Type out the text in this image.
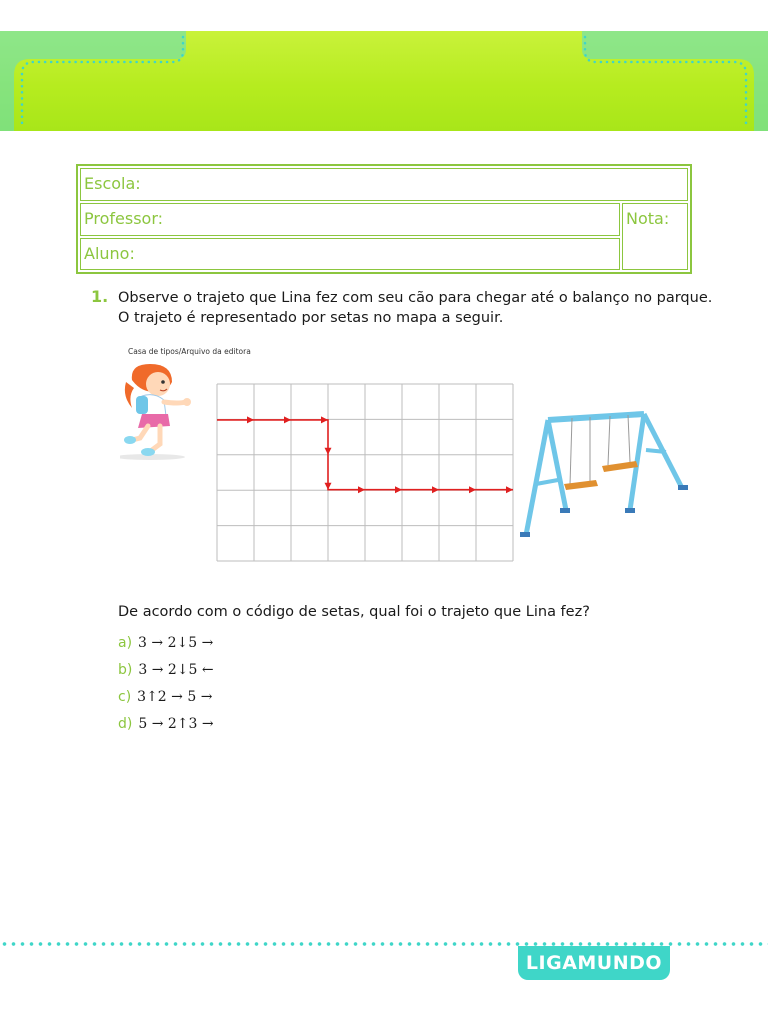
Escola:
Professor:
Aluno:
Nota:
1. Observe o trajeto que Lina fez com seu cão para chegar até o balanço no parque.
O trajeto é representado por setas no mapa a seguir.
Casa de tipos/Arquivo da editora
De acordo com o código de setas, qual foi o trajeto que Lina fez?
a) 3 → 2↓5 →
b) 3 → 2↓5 ←
c) 3↑2 → 5 →
d) 5 → 2↑3 →
LIGAMUNDO
